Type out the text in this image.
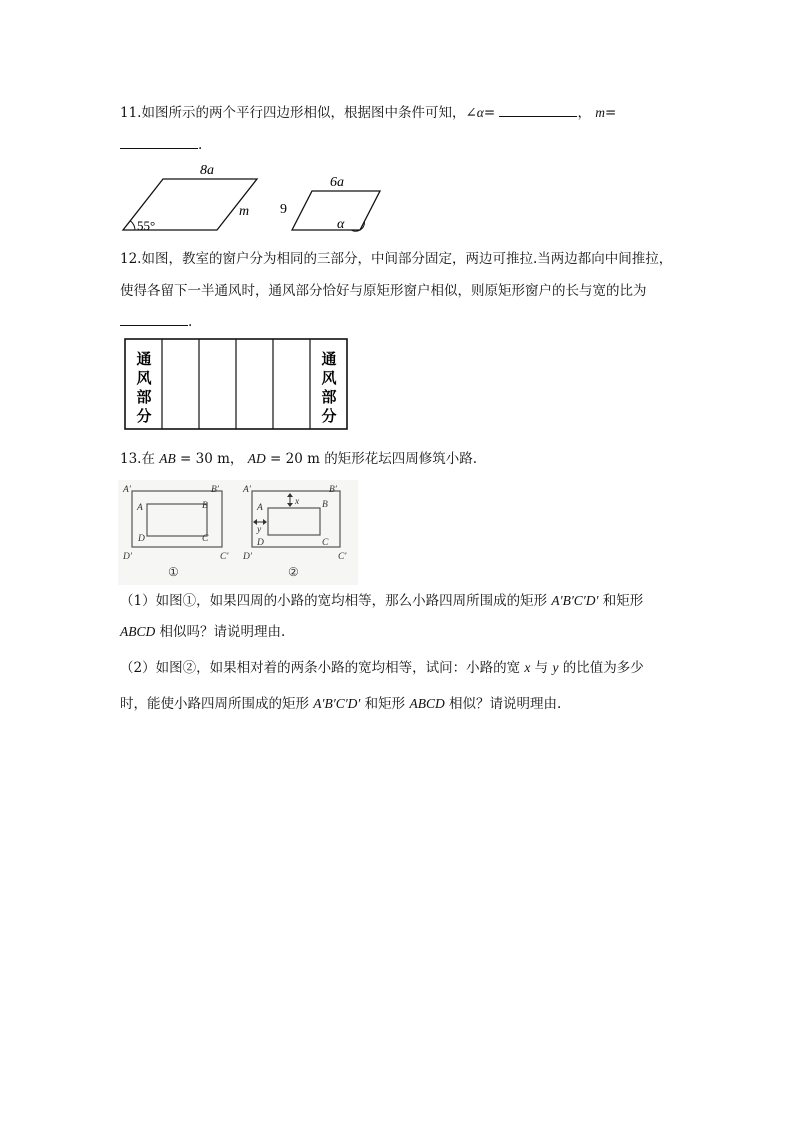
11.如图所示的两个平行四边形相似，根据图中条件可知，∠α=	， m=
.
8a
m
55°
6a
9
α
12.如图，教室的窗户分为相同的三部分，中间部分固定，两边可推拉.当两边都向中间推拉，
使得各留下一半通风时，通风部分恰好与原矩形窗户相似，则原矩形窗户的长与宽的比为
.
通
风
部
分
通
风
部
分
13.在 AB = 30 m， AD = 20 m 的矩形花坛四周修筑小路.
A′	B′
A	B
D	C
D′	C′
①
A′	B′
A	B
D	C
D′	C′
x
y
②
（1）如图①，如果四周的小路的宽均相等，那么小路四周所围成的矩形 A′B′C′D′ 和矩形
ABCD 相似吗？请说明理由.
（2）如图②，如果相对着的两条小路的宽均相等，试问：小路的宽 x 与 y 的比值为多少
时，能使小路四周所围成的矩形 A′B′C′D′ 和矩形 ABCD 相似？请说明理由.
